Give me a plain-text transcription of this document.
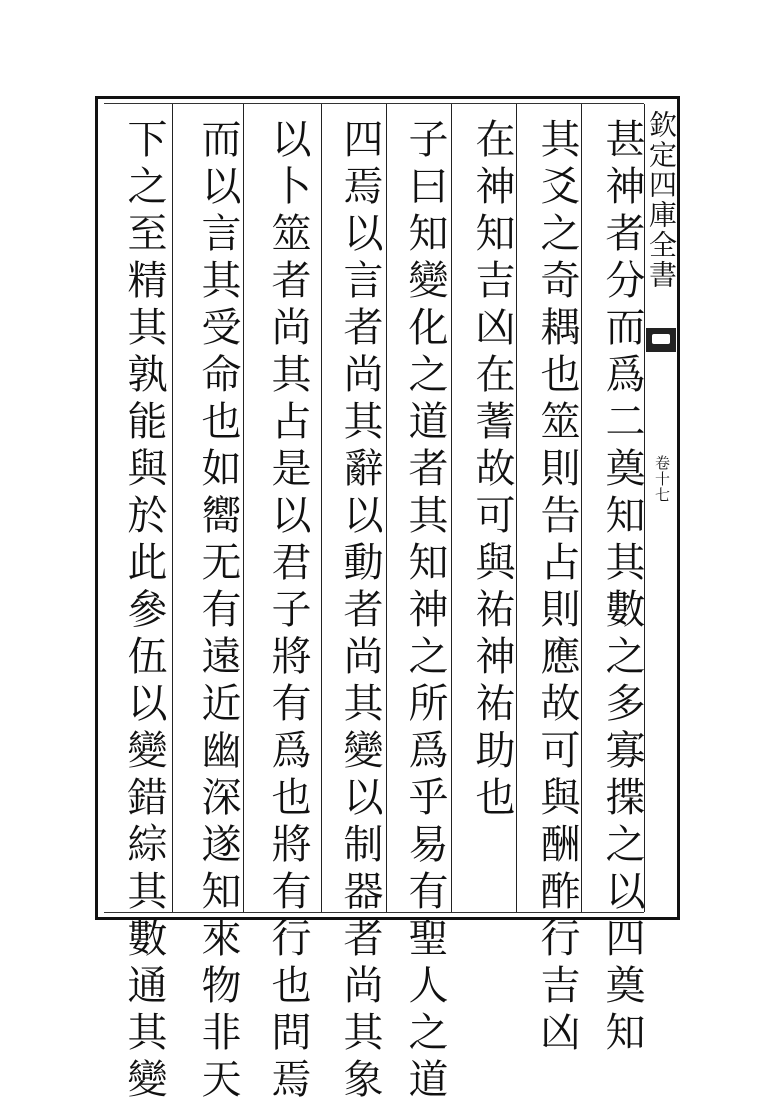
欽定四庫全書
卷十七
甚神者分而爲二奠知其數之多寡揲之以四奠知
其爻之奇耦也筮則告占則應故可與酬酢行吉凶
在神知吉凶在蓍故可與祐神祐助也
子曰知變化之道者其知神之所爲乎易有聖人之道
四焉以言者尚其辭以動者尚其變以制器者尚其象
以卜筮者尚其占是以君子將有爲也將有行也問焉
而以言其受命也如嚮无有遠近幽深遂知來物非天
下之至精其孰能與於此參伍以變錯綜其數通其變
